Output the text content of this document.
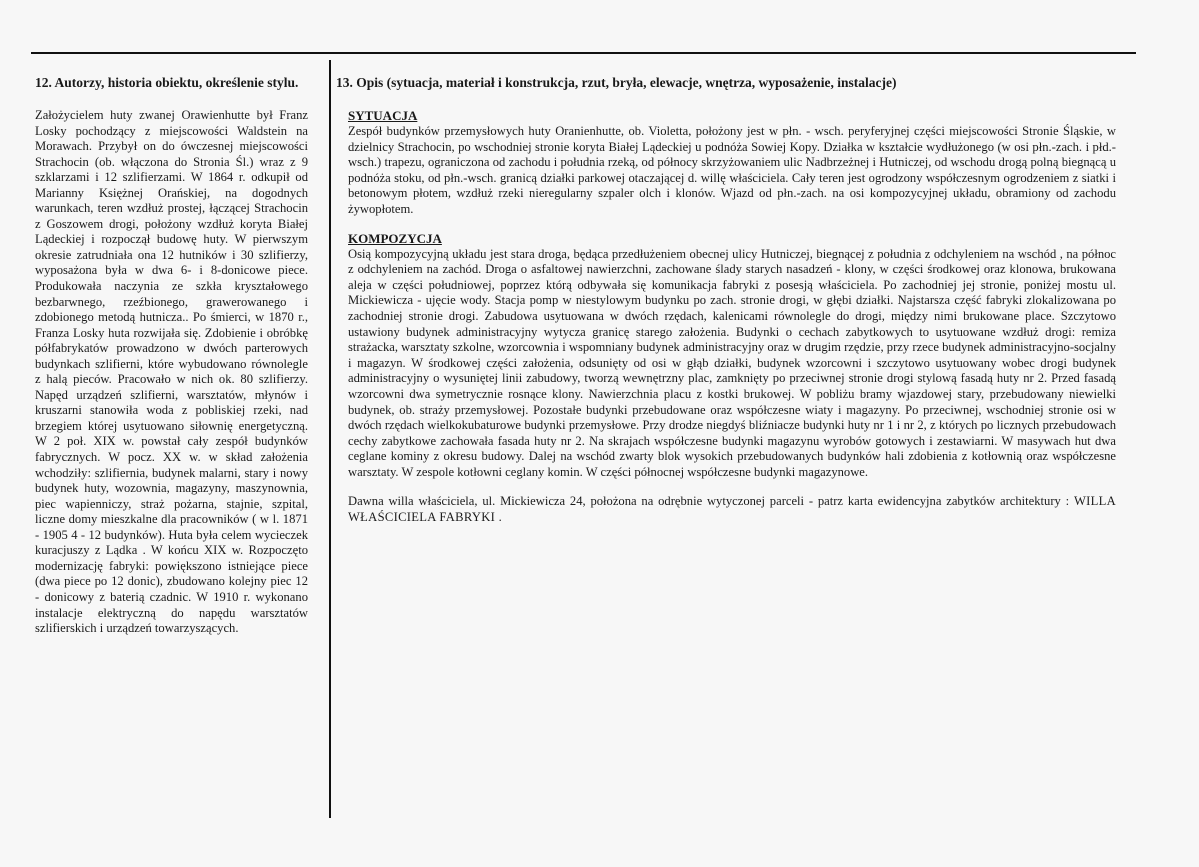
12. Autorzy, historia obiektu, określenie stylu.	13. Opis (sytuacja, materiał i konstrukcja, rzut, bryła, elewacje, wnętrza, wyposażenie, instalacje)
Założycielem huty zwanej Orawienhutte był Franz Losky pochodzący z miejscowości Waldstein na Morawach. Przybył on do ówczesnej miejscowości Strachocin (ob. włączona do Stronia Śl.) wraz z 9 szklarzami i 12 szlifierzami. W 1864 r. odkupił od Marianny Księżnej Orańskiej, na dogodnych warunkach, teren wzdłuż prostej, łączącej Strachocin z Goszowem drogi, położony wzdłuż koryta Białej Lądeckiej i rozpoczął budowę huty. W pierwszym okresie zatrudniała ona 12 hutników i 30 szlifierzy, wyposażona była w dwa 6- i 8-donicowe piece. Produkowała naczynia ze szkła kryształowego bezbarwnego, rzeźbionego, grawerowanego i zdobionego metodą hutnicza.. Po śmierci, w 1870 r., Franza Losky huta rozwijała się. Zdobienie i obróbkę półfabrykatów prowadzono w dwóch parterowych budynkach szlifierni, które wybudowano równolegle z halą pieców. Pracowało w nich ok. 80 szlifierzy. Napęd urządzeń szlifierni, warsztatów, młynów i kruszarni stanowiła woda z pobliskiej rzeki, nad brzegiem której usytuowano siłownię energetyczną. W 2 poł. XIX w. powstał cały zespół budynków fabrycznych. W pocz. XX w. w skład założenia wchodziły: szlifiernia, budynek malarni, stary i nowy budynek huty, wozownia, magazyny, maszynownia, piec wapienniczy, straż pożarna, stajnie, szpital, liczne domy mieszkalne dla pracowników ( w l. 1871 - 1905 4 - 12 budynków). Huta była celem wycieczek kuracjuszy z Lądka . W końcu XIX w. Rozpoczęto modernizację fabryki: powiększono istniejące piece (dwa piece po 12 donic), zbudowano kolejny piec 12 - donicowy z baterią czadnic. W 1910 r. wykonano instalacje elektryczną do napędu warsztatów szlifierskich i urządzeń towarzyszących.

SYTUACJA

Zespół budynków przemysłowych huty Oranienhutte, ob. Violetta, położony jest w płn. - wsch. peryferyjnej części miejscowości Stronie Śląskie, w dzielnicy Strachocin, po wschodniej stronie koryta Białej Lądeckiej u podnóża Sowiej Kopy. Działka w kształcie wydłużonego (w osi płn.-zach. i płd.-wsch.) trapezu, ograniczona od zachodu i południa rzeką, od północy skrzyżowaniem ulic Nadbrzeżnej i Hutniczej, od wschodu drogą polną biegnącą u podnóża stoku, od płn.-wsch. granicą działki parkowej otaczającej d. willę właściciela. Cały teren jest ogrodzony współczesnym ogrodzeniem z siatki i betonowym płotem, wzdłuż rzeki nieregularny szpaler olch i klonów. Wjazd od płn.-zach. na osi kompozycyjnej układu, obramiony od zachodu żywopłotem.

KOMPOZYCJA

Osią kompozycyjną układu jest stara droga, będąca przedłużeniem obecnej ulicy Hutniczej, biegnącej z południa z odchyleniem na wschód , na północ z odchyleniem na zachód. Droga o asfaltowej nawierzchni, zachowane ślady starych nasadzeń - klony, w części środkowej oraz klonowa, brukowana aleja w części południowej, poprzez którą odbywała się komunikacja fabryki z posesją właściciela. Po zachodniej jej stronie, poniżej mostu ul. Mickiewicza - ujęcie wody. Stacja pomp w niestylowym budynku po zach. stronie drogi, w głębi działki. Najstarsza część fabryki zlokalizowana po zachodniej stronie drogi. Zabudowa usytuowana w dwóch rzędach, kalenicami równolegle do drogi, między nimi brukowane place. Szczytowo ustawiony budynek administracyjny wytycza granicę starego założenia. Budynki o cechach zabytkowych to usytuowane wzdłuż drogi: remiza strażacka, warsztaty szkolne, wzorcownia i wspomniany budynek administracyjny oraz w drugim rzędzie, przy rzece budynek administracyjno-socjalny i magazyn. W środkowej części założenia, odsunięty od osi w głąb działki, budynek wzorcowni i szczytowo usytuowany wobec drogi budynek administracyjny o wysuniętej linii zabudowy, tworzą wewnętrzny plac, zamknięty po przeciwnej stronie drogi stylową fasadą huty nr 2. Przed fasadą wzorcowni dwa symetrycznie rosnące klony. Nawierzchnia placu z kostki brukowej. W pobliżu bramy wjazdowej stary, przebudowany niewielki budynek, ob. straży przemysłowej. Pozostałe budynki przebudowane oraz współczesne wiaty i magazyny. Po przeciwnej, wschodniej stronie osi w dwóch rzędach wielkokubaturowe budynki przemysłowe. Przy drodze niegdyś bliźniacze budynki huty nr 1 i nr 2, z których po licznych przebudowach cechy zabytkowe zachowała fasada huty nr 2. Na skrajach współczesne budynki magazynu wyrobów gotowych i zestawiarni. W masywach hut dwa ceglane kominy z okresu budowy. Dalej na wschód zwarty blok wysokich przebudowanych budynków hali zdobienia z kotłownią oraz współczesne warsztaty. W zespole kotłowni ceglany komin. W części północnej współczesne budynki magazynowe.

Dawna willa właściciela, ul. Mickiewicza 24, położona na odrębnie wytyczonej parceli - patrz karta ewidencyjna zabytków architektury : WILLA WŁAŚCICIELA FABRYKI .
